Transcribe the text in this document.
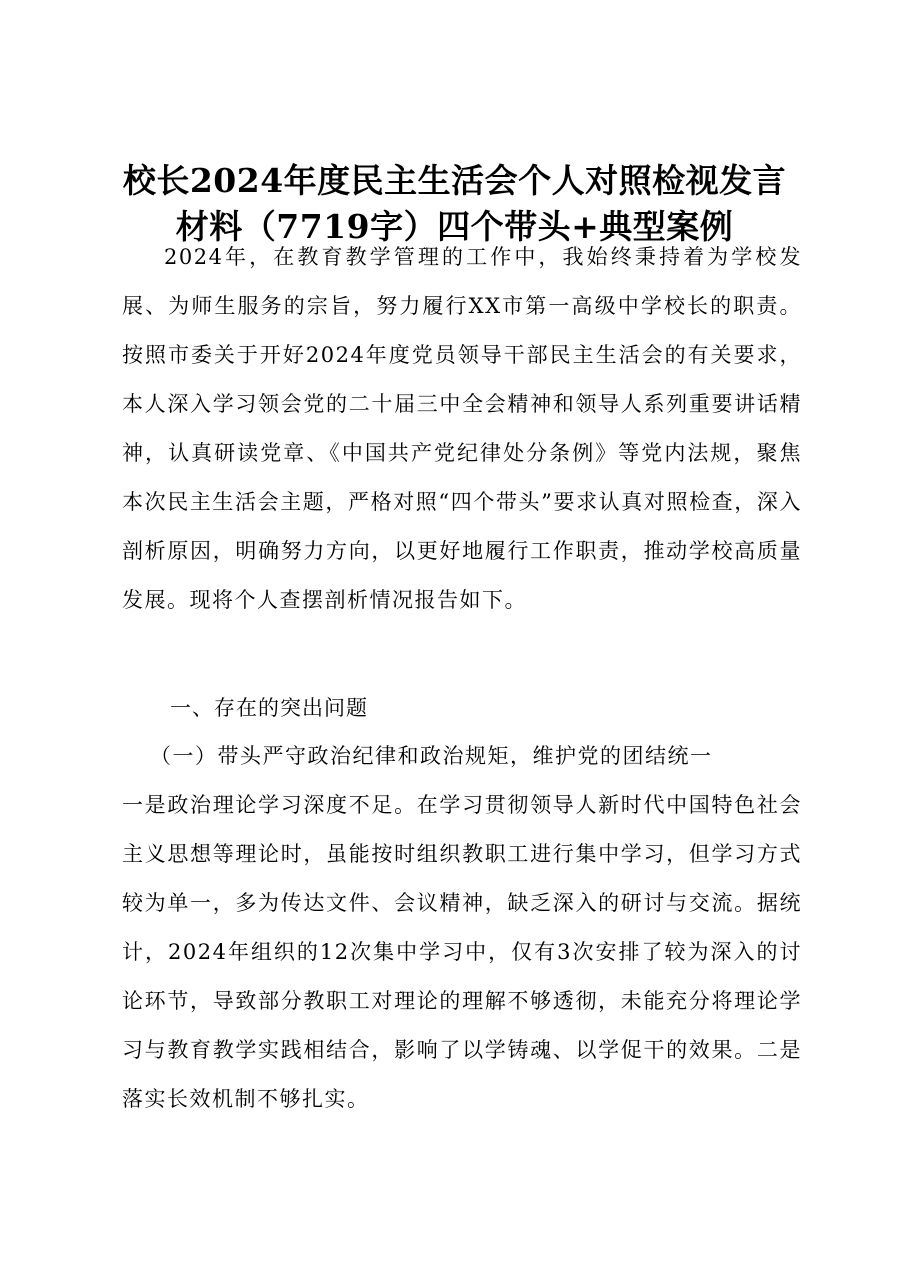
校长2024年度民主生活会个人对照检视发言
材料（7719字）四个带头+典型案例

2024年，在教育教学管理的工作中，我始终秉持着为学校发展、为师生服务的宗旨，努力履行XX市第一高级中学校长的职责。按照市委关于开好2024年度党员领导干部民主生活会的有关要求，本人深入学习领会党的二十届三中全会精神和领导人系列重要讲话精神，认真研读党章、《中国共产党纪律处分条例》等党内法规，聚焦本次民主生活会主题，严格对照“四个带头”要求认真对照检查，深入剖析原因，明确努力方向，以更好地履行工作职责，推动学校高质量发展。现将个人查摆剖析情况报告如下。

一、存在的突出问题
（一）带头严守政治纪律和政治规矩，维护党的团结统一

一是政治理论学习深度不足。在学习贯彻领导人新时代中国特色社会主义思想等理论时，虽能按时组织教职工进行集中学习，但学习方式较为单一，多为传达文件、会议精神，缺乏深入的研讨与交流。据统计，2024年组织的12次集中学习中，仅有3次安排了较为深入的讨论环节，导致部分教职工对理论的理解不够透彻，未能充分将理论学习与教育教学实践相结合，影响了以学铸魂、以学促干的效果。二是落实长效机制不够扎实。
